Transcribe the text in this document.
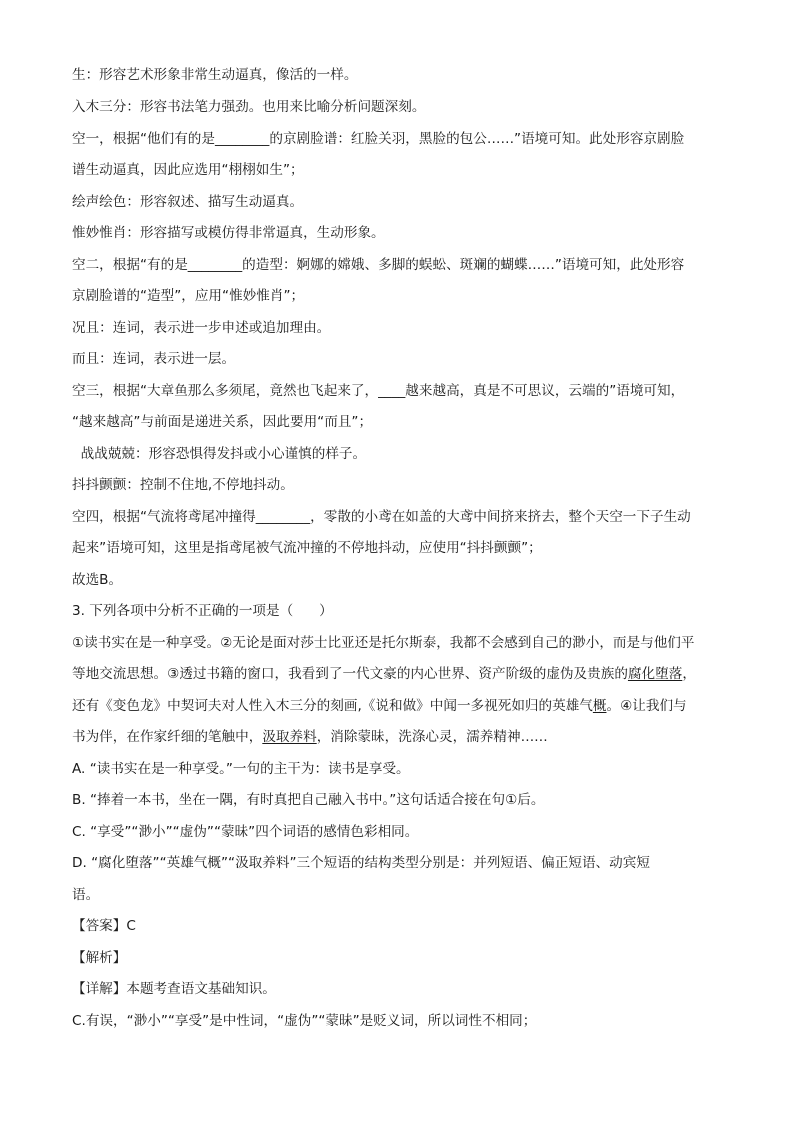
生：形容艺术形象非常生动逼真，像活的一样。
入木三分：形容书法笔力强劲。也用来比喻分析问题深刻。
空一，根据“他们有的是________的京剧脸谱：红脸关羽，黑脸的包公……”语境可知。此处形容京剧脸
谱生动逼真，因此应选用“栩栩如生”；
绘声绘色：形容叙述、描写生动逼真。
惟妙惟肖：形容描写或模仿得非常逼真，生动形象。
空二，根据“有的是________的造型：婀娜的嫦娥、多脚的蜈蚣、斑斓的蝴蝶……”语境可知，此处形容
京剧脸谱的“造型”，应用“惟妙惟肖”；
况且：连词，表示进一步申述或追加理由。
而且：连词，表示进一层。
空三，根据“大章鱼那么多须尾，竟然也飞起来了，____越来越高，真是不可思议，云端的”语境可知，
“越来越高”与前面是递进关系，因此要用“而且”；
战战兢兢：形容恐惧得发抖或小心谨慎的样子。
抖抖颤颤：控制不住地,不停地抖动。
空四，根据“气流将鸢尾冲撞得________，零散的小鸢在如盖的大鸢中间挤来挤去，整个天空一下子生动
起来”语境可知，这里是指鸢尾被气流冲撞的不停地抖动，应使用“抖抖颤颤”；
故选B。
3. 下列各项中分析不正确的一项是（      ）
①读书实在是一种享受。②无论是面对莎士比亚还是托尔斯泰，我都不会感到自己的渺小，而是与他们平
等地交流思想。③透过书籍的窗口，我看到了一代文豪的内心世界、资产阶级的虚伪及贵族的腐化堕落，
还有《变色龙》中契诃夫对人性入木三分的刻画,《说和做》中闻一多视死如归的英雄气概。④让我们与
书为伴，在作家纤细的笔触中，汲取养料，消除蒙昧，洗涤心灵，濡养精神……
A. “读书实在是一种享受。”一句的主干为：读书是享受。
B. “捧着一本书，坐在一隅，有时真把自己融入书中。”这句话适合接在句①后。
C. “享受”“渺小”“虚伪”“蒙昧”四个词语的感情色彩相同。
D. “腐化堕落”“英雄气概”“汲取养料”三个短语的结构类型分别是：并列短语、偏正短语、动宾短
语。
【答案】C
【解析】
【详解】本题考查语文基础知识。
C.有误，“渺小”“享受”是中性词，“虚伪”“蒙昧”是贬义词，所以词性不相同；
